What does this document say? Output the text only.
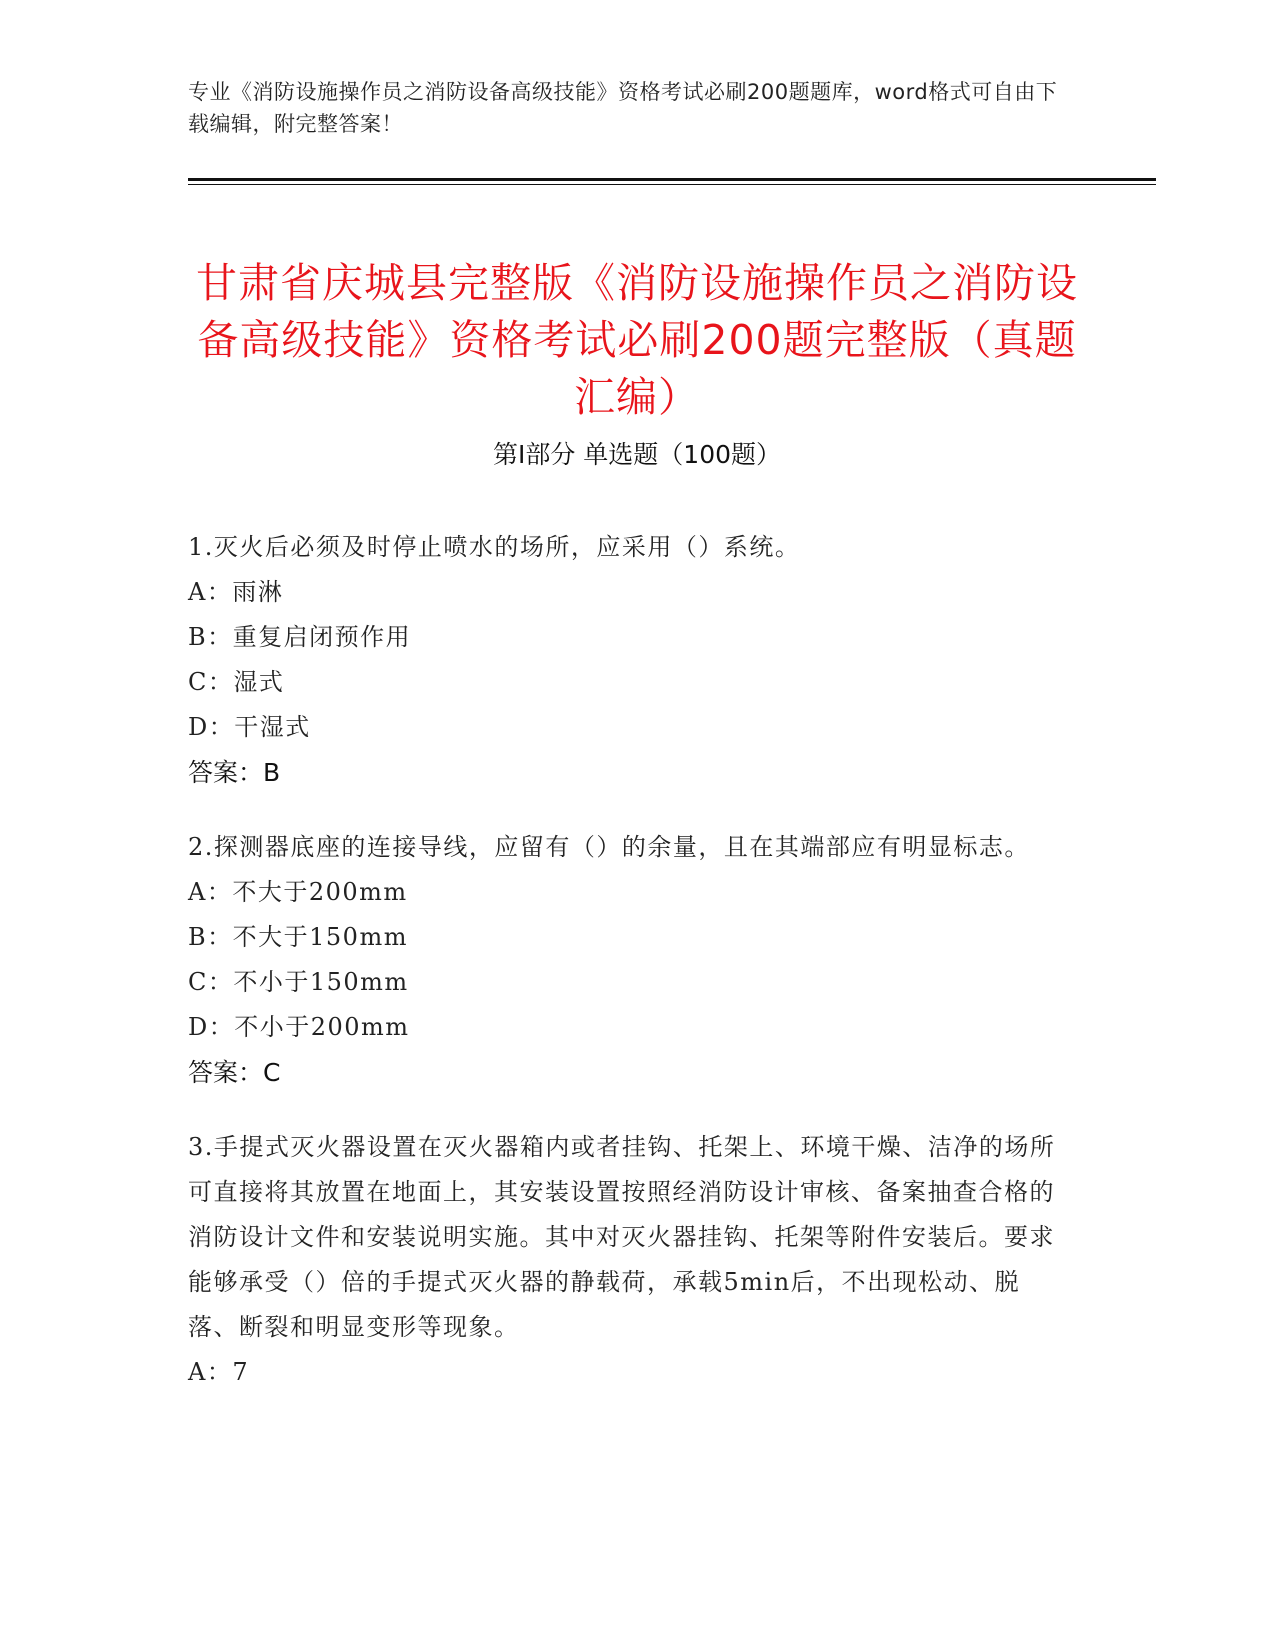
专业《消防设施操作员之消防设备高级技能》资格考试必刷200题题库，word格式可自由下载编辑，附完整答案！
甘肃省庆城县完整版《消防设施操作员之消防设备高级技能》资格考试必刷200题完整版（真题汇编）
第Ⅰ部分 单选题（100题）
1.灭火后必须及时停止喷水的场所，应采用（）系统。
A：雨淋
B：重复启闭预作用
C：湿式
D：干湿式
答案：B
2.探测器底座的连接导线，应留有（）的余量，且在其端部应有明显标志。
A：不大于200mm
B：不大于150mm
C：不小于150mm
D：不小于200mm
答案：C
3.手提式灭火器设置在灭火器箱内或者挂钩、托架上、环境干燥、洁净的场所可直接将其放置在地面上，其安装设置按照经消防设计审核、备案抽查合格的消防设计文件和安装说明实施。其中对灭火器挂钩、托架等附件安装后。要求能够承受（）倍的手提式灭火器的静载荷，承载5min后，不出现松动、脱落、断裂和明显变形等现象。
A：7
